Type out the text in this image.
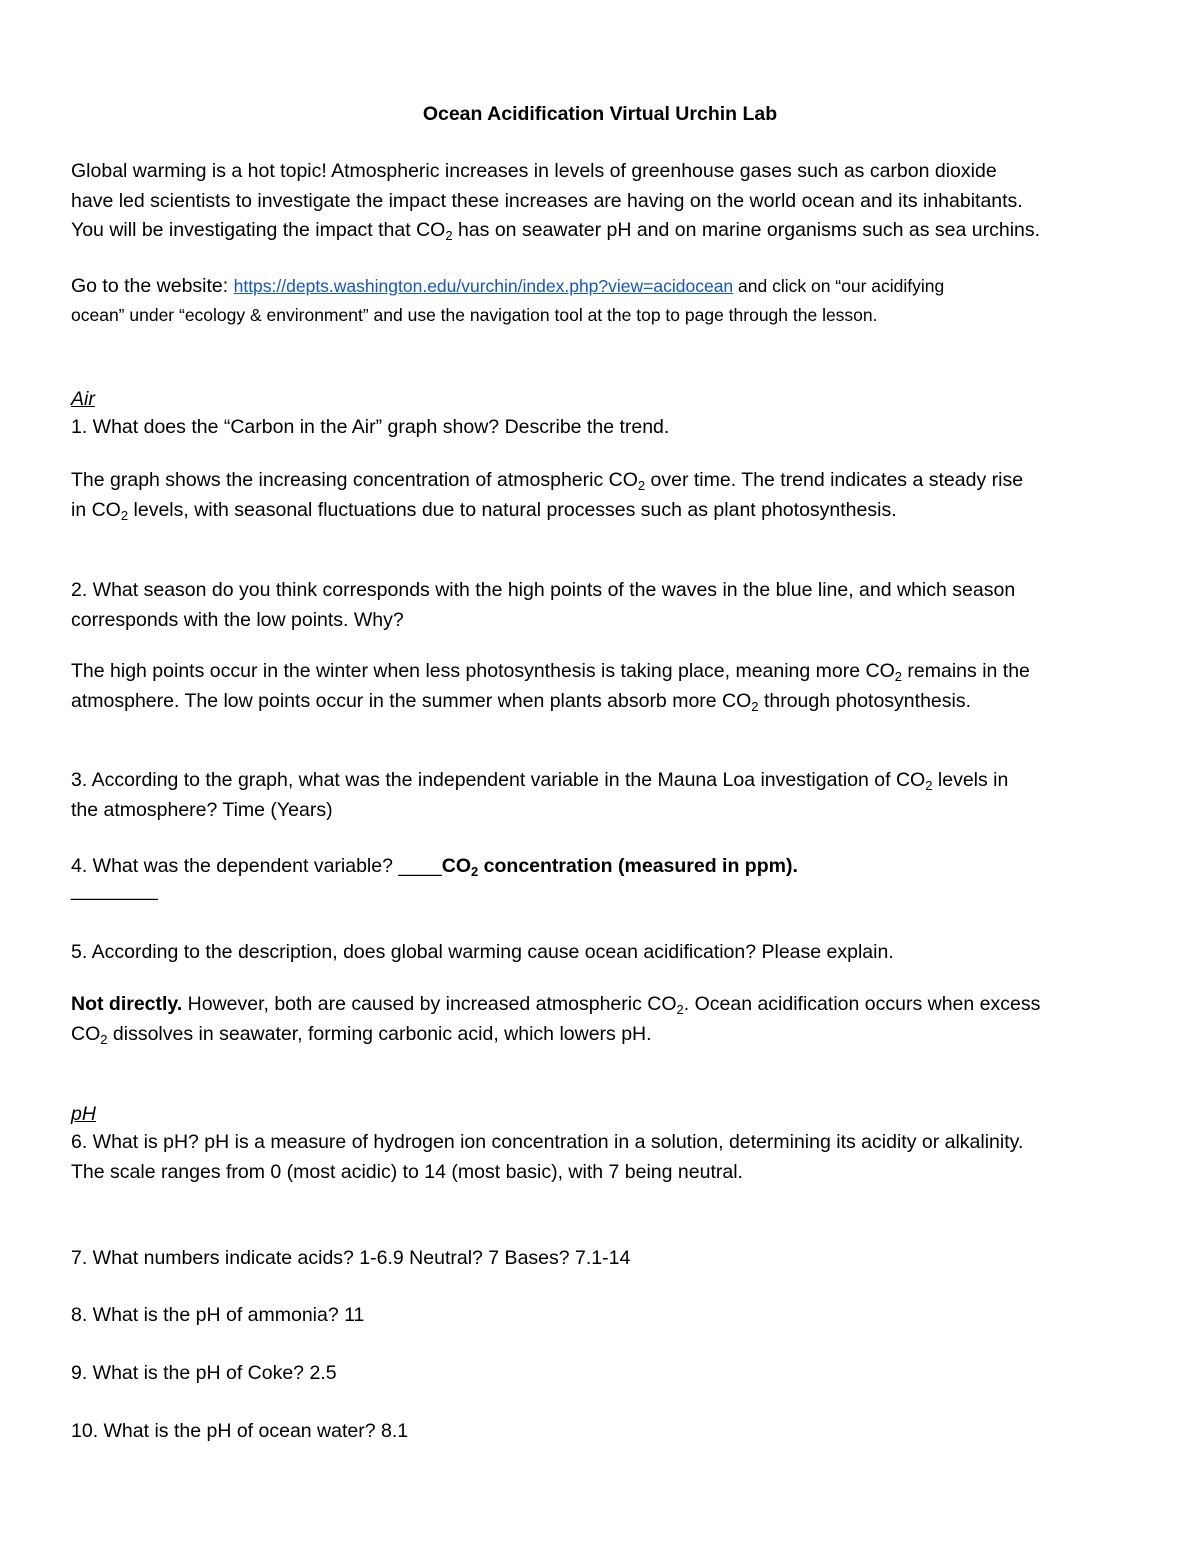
Ocean Acidification Virtual Urchin Lab
Global warming is a hot topic! Atmospheric increases in levels of greenhouse gases such as carbon dioxide
have led scientists to investigate the impact these increases are having on the world ocean and its inhabitants.
You will be investigating the impact that $CO_2$ has on seawater pH and on marine organisms such as sea urchins.
Go to the website: https://depts.washington.edu/vurchin/index.php?view=acidocean and click on “our acidifying
ocean” under “ecology & environment” and use the navigation tool at the top to page through the lesson.
Air
1. What does the “Carbon in the Air” graph show? Describe the trend.
The graph shows the increasing concentration of atmospheric $CO_2$ over time. The trend indicates a steady rise
in $CO_2$ levels, with seasonal fluctuations due to natural processes such as plant photosynthesis.
2. What season do you think corresponds with the high points of the waves in the blue line, and which season
corresponds with the low points. Why?
The high points occur in the winter when less photosynthesis is taking place, meaning more $CO_2$ remains in the
atmosphere. The low points occur in the summer when plants absorb more $CO_2$ through photosynthesis.
3. According to the graph, what was the independent variable in the Mauna Loa investigation of $CO_2$ levels in
the atmosphere? Time (Years)
4. What was the dependent variable? $\_\_\_\_CO_2$ concentration (measured in ppm).
________
5. According to the description, does global warming cause ocean acidification? Please explain.
Not directly. However, both are caused by increased atmospheric $CO_2$. Ocean acidification occurs when excess
$CO_2$ dissolves in seawater, forming carbonic acid, which lowers pH.
pH
6. What is pH? pH is a measure of hydrogen ion concentration in a solution, determining its acidity or alkalinity.
The scale ranges from 0 (most acidic) to 14 (most basic), with 7 being neutral.
7. What numbers indicate acids? 1-6.9 Neutral? 7 Bases? 7.1-14
8. What is the pH of ammonia? 11
9. What is the pH of Coke? 2.5
10. What is the pH of ocean water? 8.1
